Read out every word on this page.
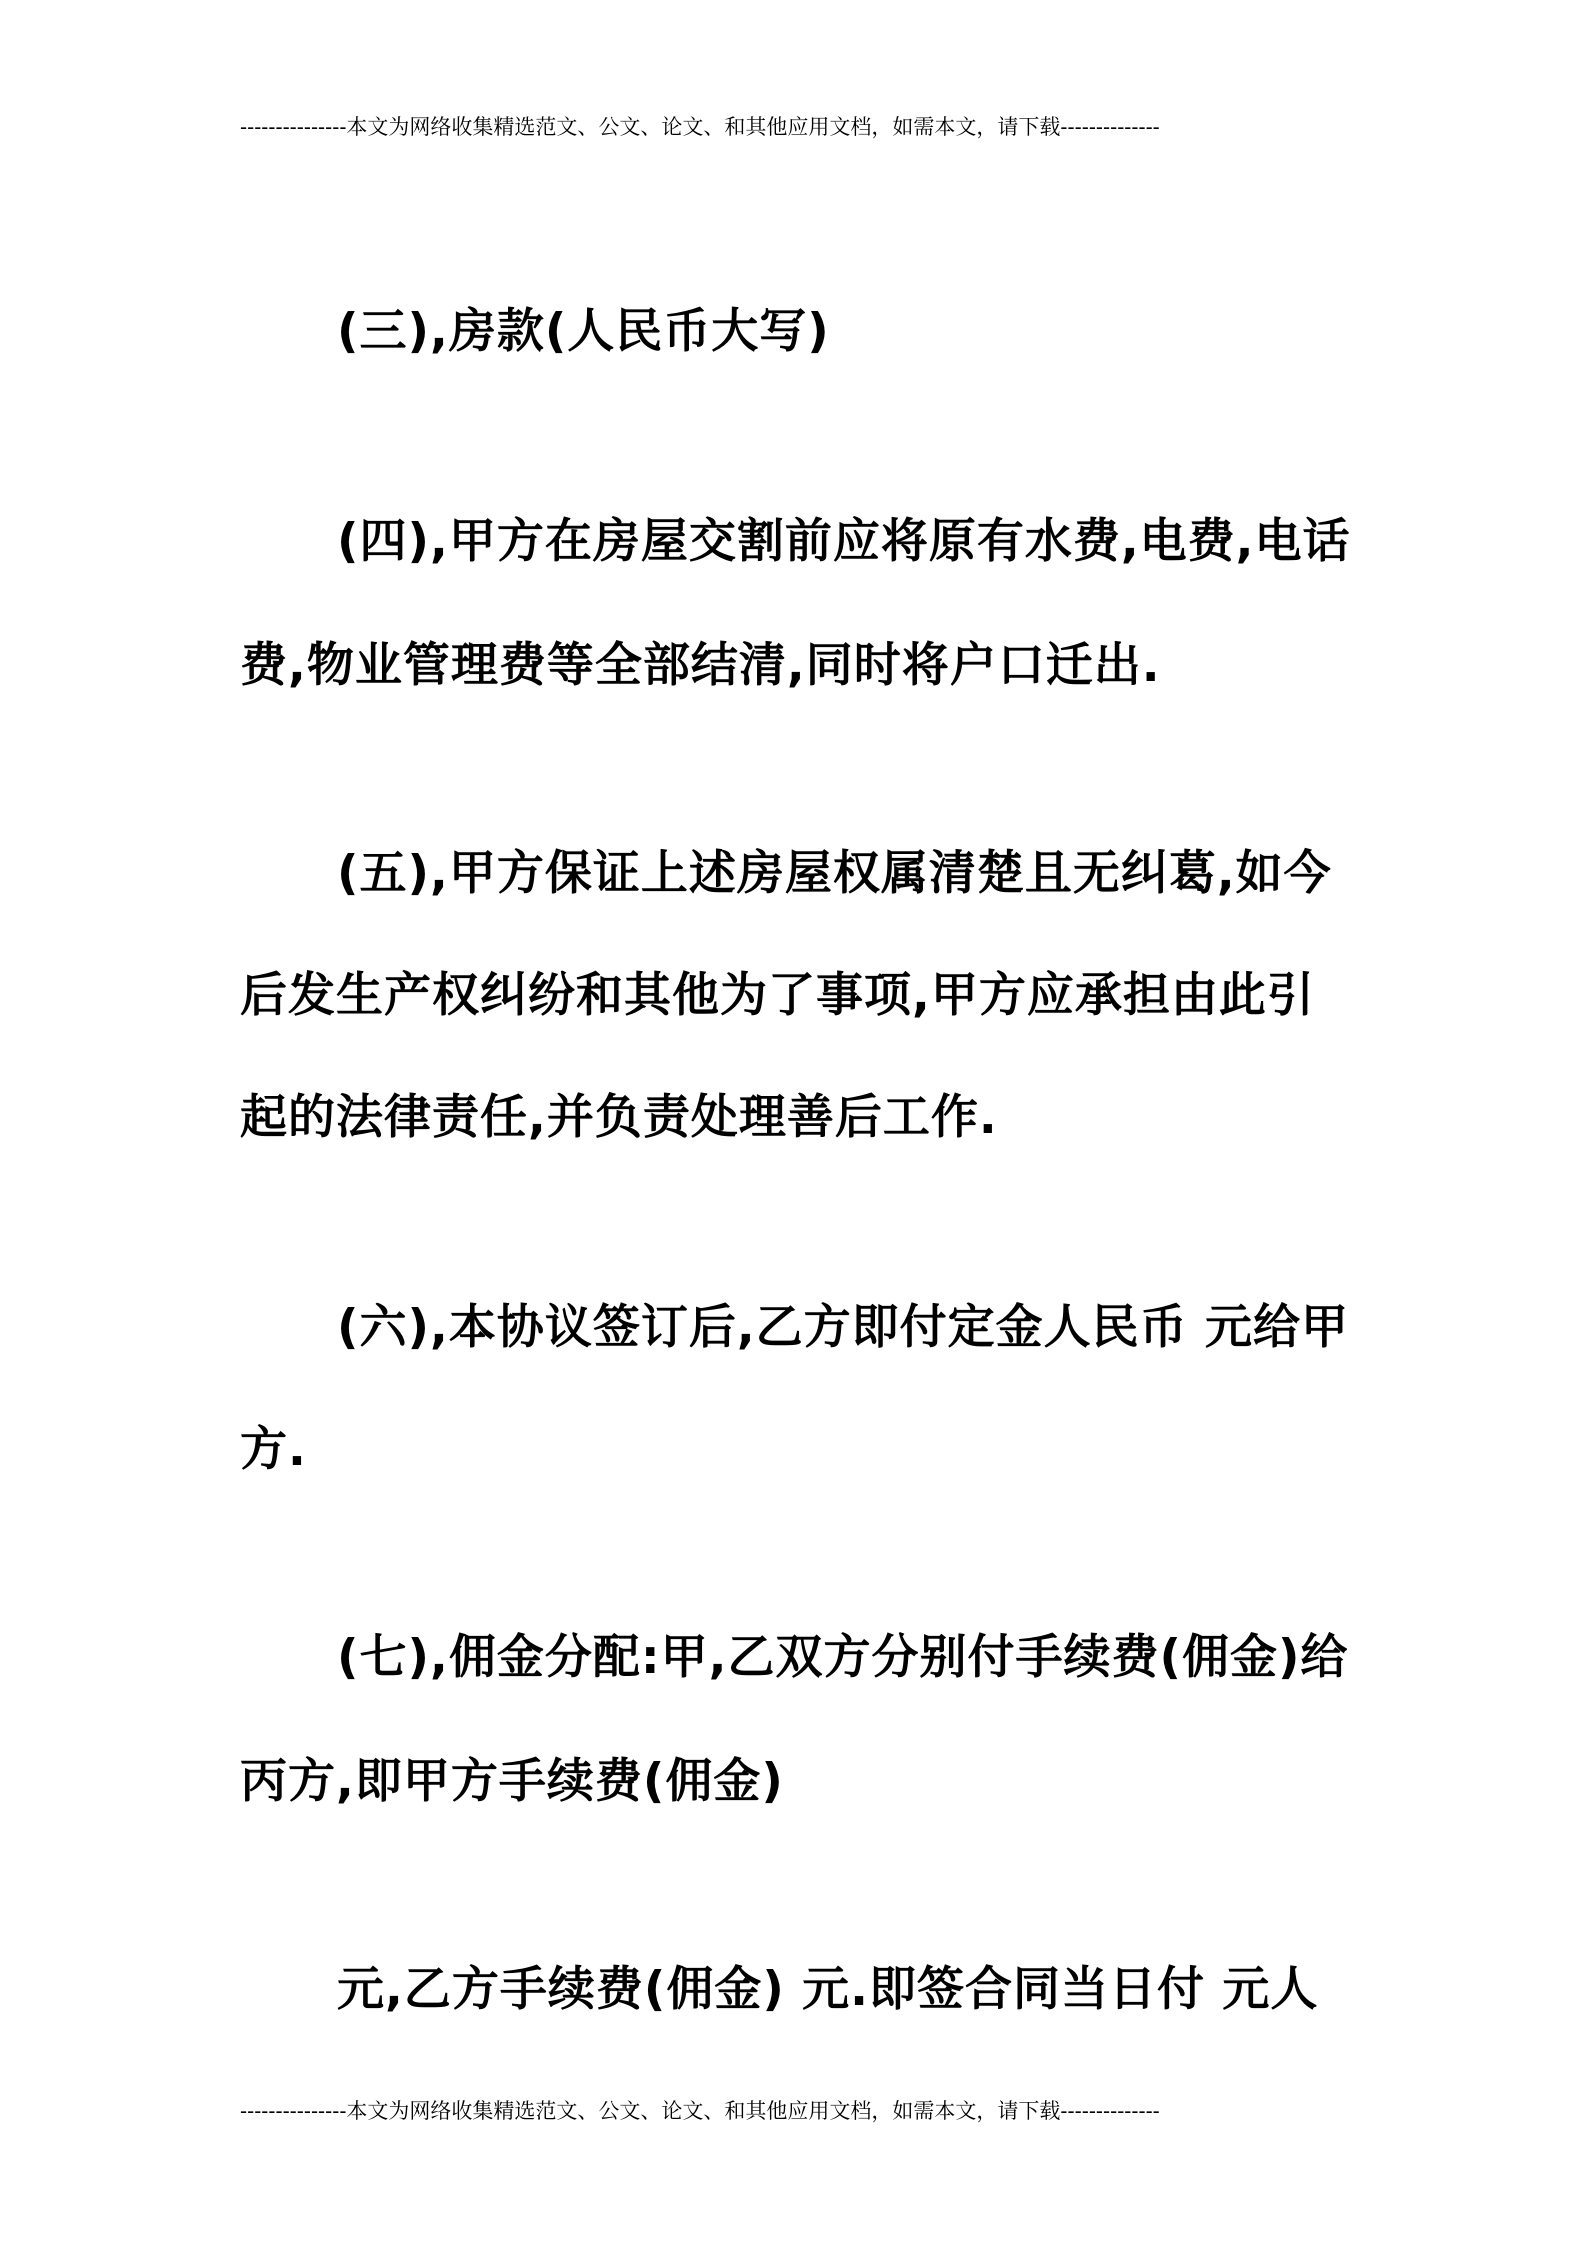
---------------本文为网络收集精选范文、公文、论文、和其他应用文档，如需本文，请下载--------------
(三),房款(人民币大写)
(四),甲方在房屋交割前应将原有水费,电费,电话
费,物业管理费等全部结清,同时将户口迁出.
(五),甲方保证上述房屋权属清楚且无纠葛,如今
后发生产权纠纷和其他为了事项,甲方应承担由此引
起的法律责任,并负责处理善后工作.
(六),本协议签订后,乙方即付定金人民币 元给甲
方.
(七),佣金分配:甲,乙双方分别付手续费(佣金)给
丙方,即甲方手续费(佣金)
元,乙方手续费(佣金) 元.即签合同当日付 元人
---------------本文为网络收集精选范文、公文、论文、和其他应用文档，如需本文，请下载--------------
